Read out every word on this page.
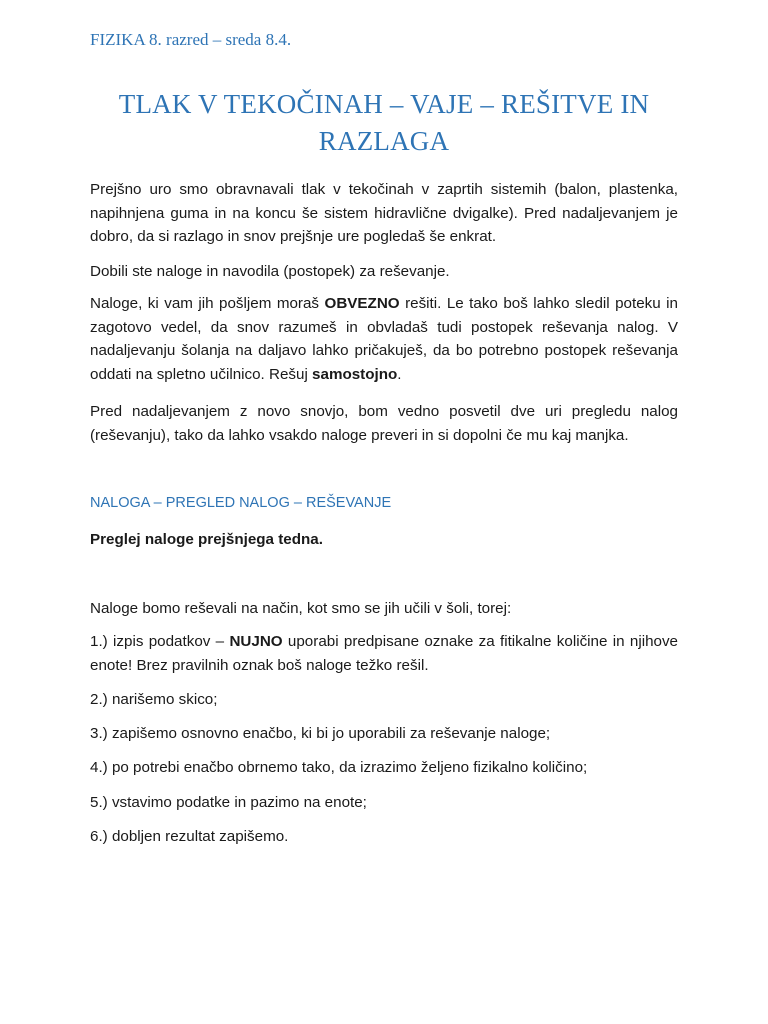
FIZIKA 8. razred – sreda 8.4.
TLAK V TEKOČINAH – VAJE – REŠITVE IN
RAZLAGA

Prejšno uro smo obravnavali tlak v tekočinah v zaprtih sistemih (balon, plastenka, napihnjena guma in na koncu še sistem hidravlične dvigalke). Pred nadaljevanjem je dobro, da si razlago in snov prejšnje ure pogledaš še enkrat.

Dobili ste naloge in navodila (postopek) za reševanje.

Naloge, ki vam jih pošljem moraš OBVEZNO rešiti. Le tako boš lahko sledil poteku in zagotovo vedel, da snov razumeš in obvladaš tudi postopek reševanja nalog. V nadaljevanju šolanja na daljavo lahko pričakuješ, da bo potrebno postopek reševanja oddati na spletno učilnico. Rešuj samostojno.

Pred nadaljevanjem z novo snovjo, bom vedno posvetil dve uri pregledu nalog (reševanju), tako da lahko vsakdo naloge preveri in si dopolni če mu kaj manjka.

NALOGA – PREGLED NALOG – REŠEVANJE
Preglej naloge prejšnjega tedna.
Naloge bomo reševali na način, kot smo se jih učili v šoli, torej:

1.) izpis podatkov – NUJNO uporabi predpisane oznake za fitikalne količine in njihove enote! Brez pravilnih oznak boš naloge težko rešil.

2.) narišemo skico;
3.) zapišemo osnovno enačbo, ki bi jo uporabili za reševanje naloge;
4.) po potrebi enačbo obrnemo tako, da izrazimo željeno fizikalno količino;
5.) vstavimo podatke in pazimo na enote;
6.) dobljen rezultat zapišemo.
